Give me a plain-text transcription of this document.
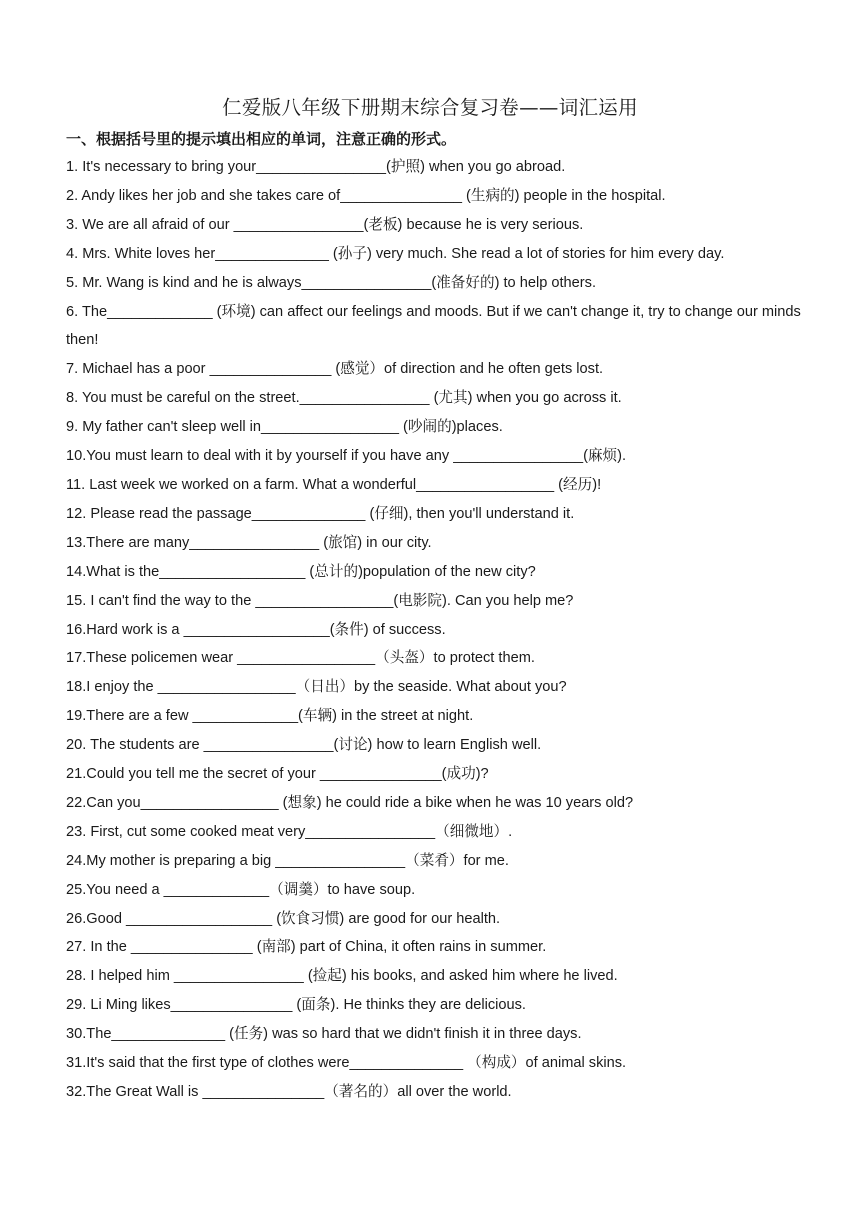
仁爱版八年级下册期末综合复习卷——词汇运用
一、根据括号里的提示填出相应的单词，注意正确的形式。
1. It's necessary to bring your________________(护照) when you go abroad.
2. Andy likes her job and she takes care of_______________ (生病的) people in the hospital.
3. We are all afraid of our ________________(老板) because he is very serious.
4. Mrs. White loves her______________ (孙子) very much. She read a lot of stories for him every day.
5. Mr. Wang is kind and he is always________________(准备好的) to help others.
6. The_____________ (环境) can affect our feelings and moods. But if we can't change it, try to change our minds then!
7. Michael has a poor _______________ (感觉）of direction and he often gets lost.
8. You must be careful on the street.________________ (尤其) when you go across it.
9. My father can't sleep well in_________________ (吵闹的)places.
10.You must learn to deal with it by yourself if you have any ________________(麻烦).
11. Last week we worked on a farm. What a wonderful_________________ (经历)!
12. Please read the passage______________ (仔细), then you'll understand it.
13.There are many________________ (旅馆) in our city.
14.What is the__________________ (总计的)population of the new city?
15. I can't find the way to the _________________(电影院). Can you help me?
16.Hard work is a __________________(条件) of success.
17.These policemen wear _________________（头盔）to protect them.
18.I enjoy the _________________（日出）by the seaside. What about you?
19.There are a few _____________(车辆) in the street at night.
20. The students are ________________(讨论) how to learn English well.
21.Could you tell me the secret of your _______________(成功)?
22.Can you_________________ (想象) he could ride a bike when he was 10 years old?
23. First, cut some cooked meat very________________（细微地）.
24.My mother is preparing a big ________________（菜肴）for me.
25.You need a _____________（调羹）to have soup.
26.Good __________________ (饮食习惯) are good for our health.
27. In the _______________ (南部) part of China, it often rains in summer.
28. I helped him ________________ (捡起) his books, and asked him where he lived.
29. Li Ming likes_______________ (面条). He thinks they are delicious.
30.The______________ (任务) was so hard that we didn't finish it in three days.
31.It's said that the first type of clothes were______________ （构成）of animal skins.
32.The Great Wall is _______________（著名的）all over the world.
